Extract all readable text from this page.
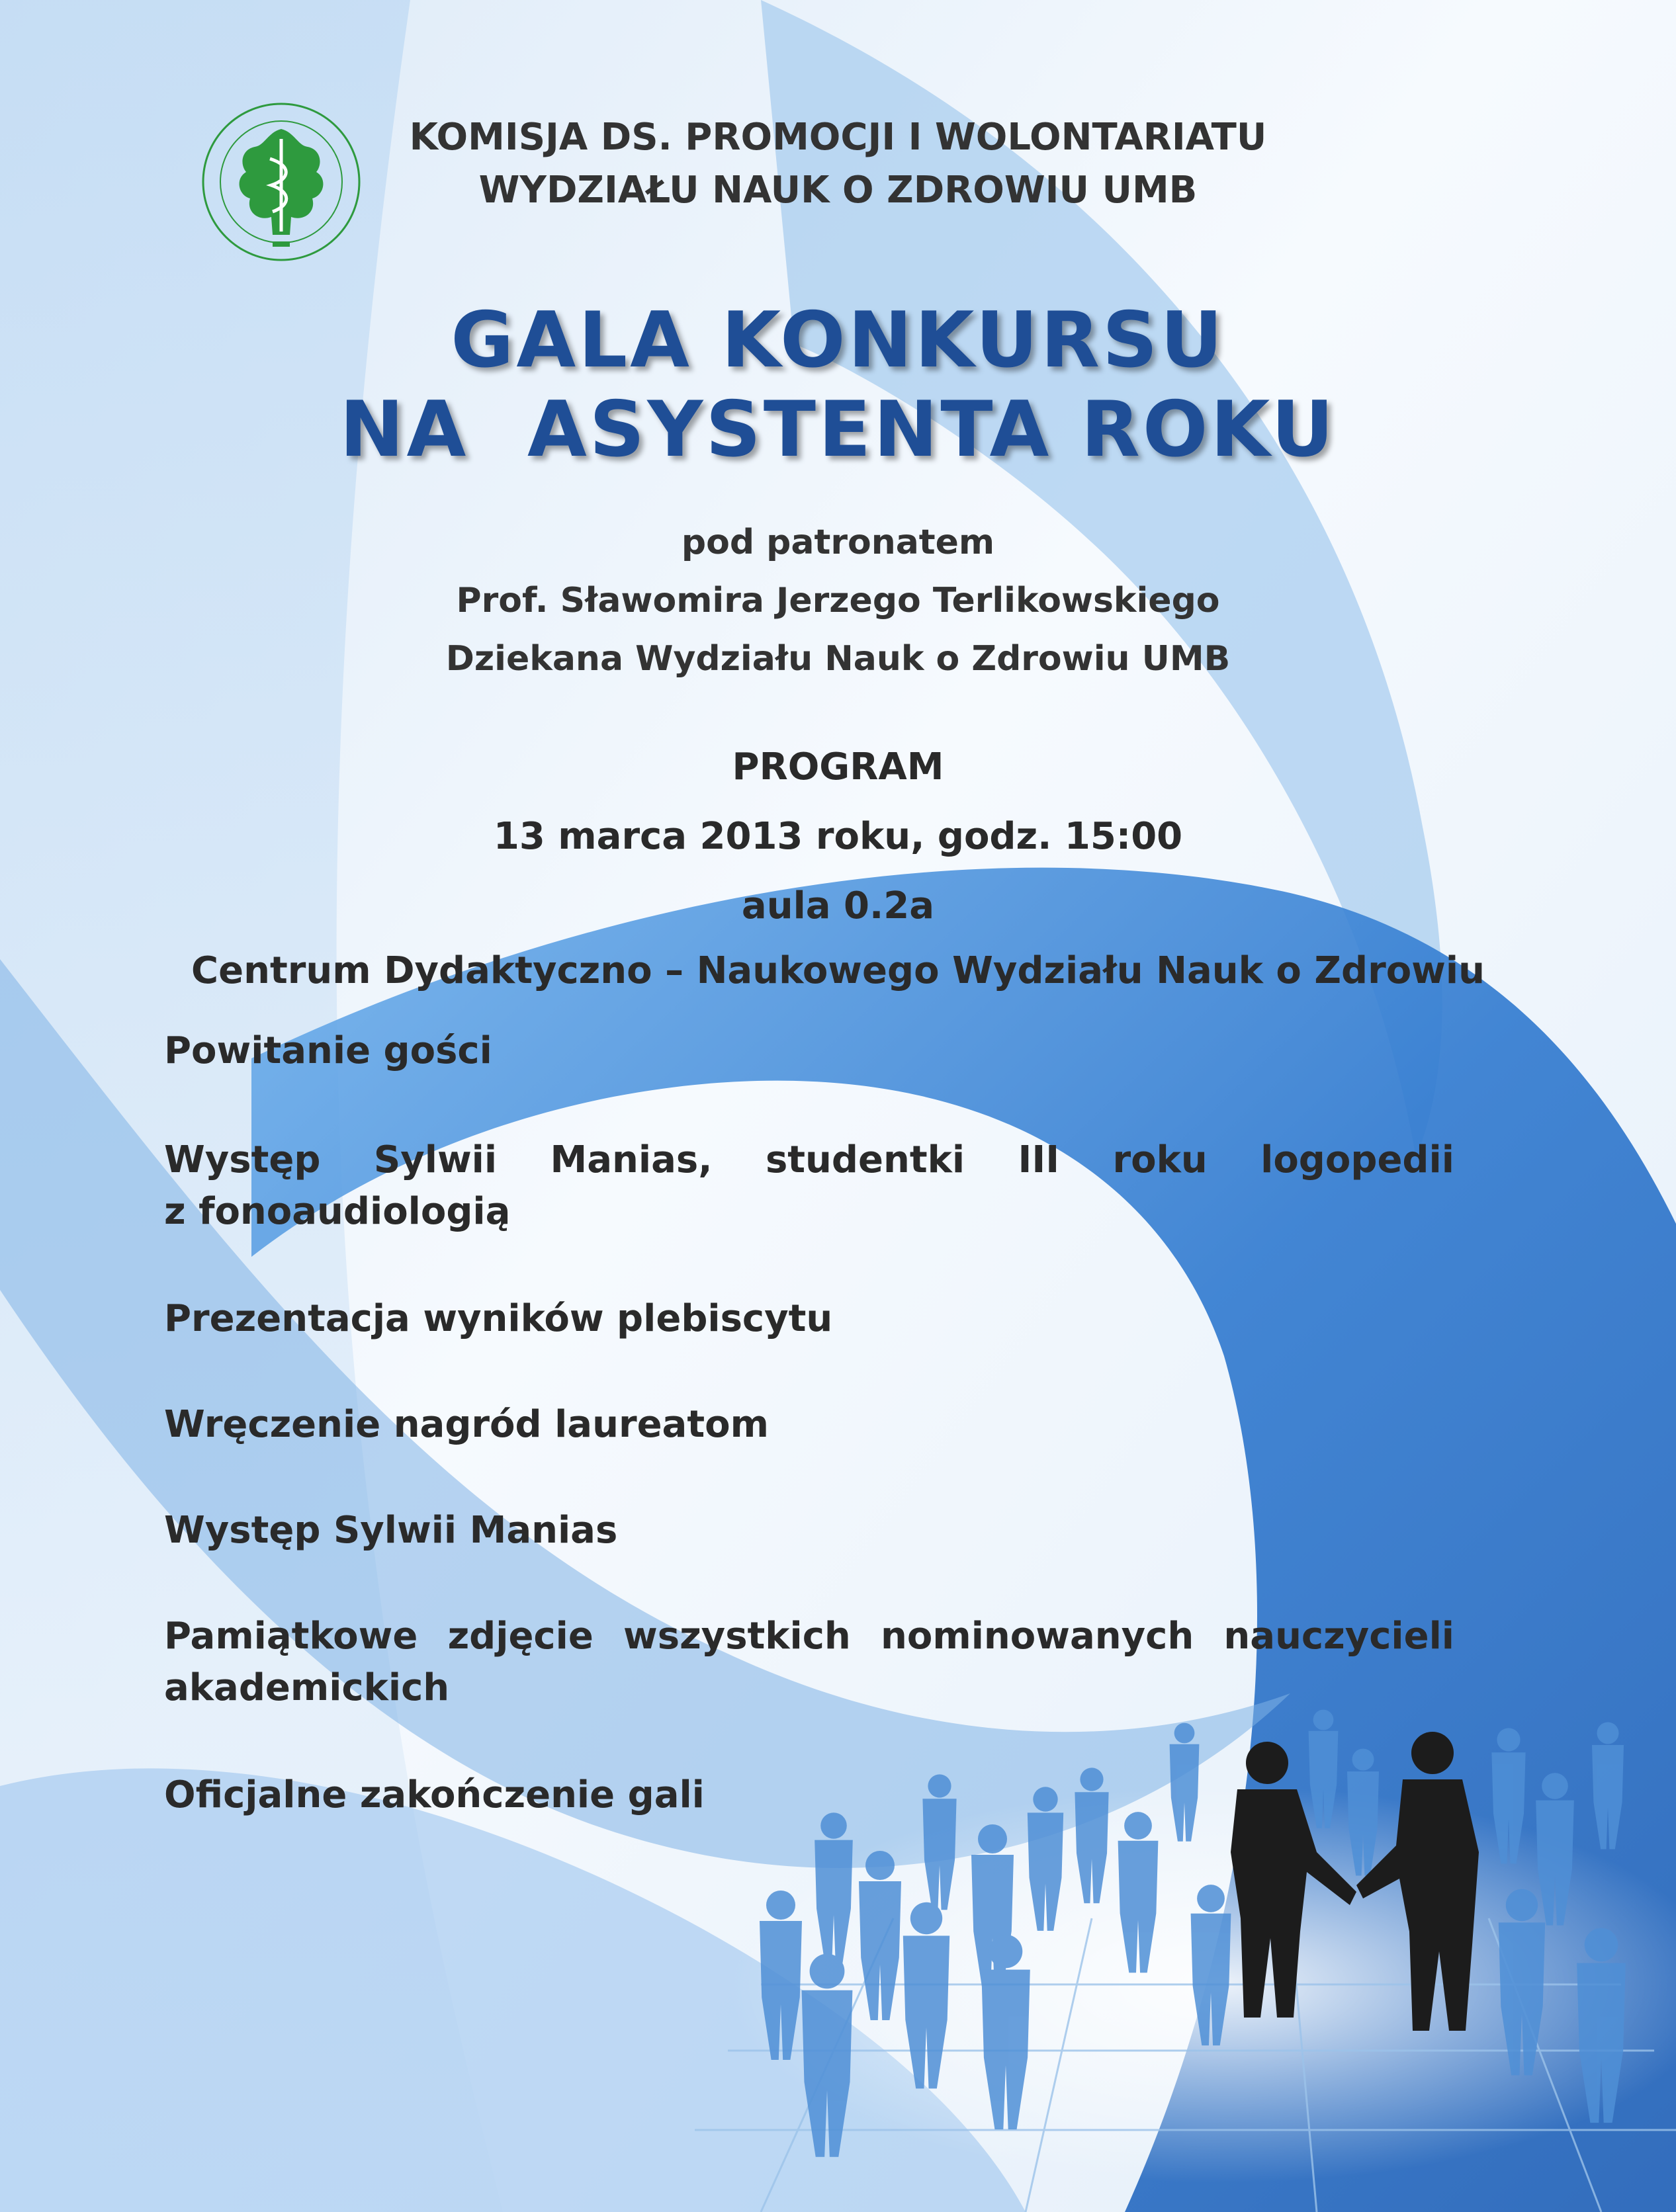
KOMISJA DS. PROMOCJI I WOLONTARIATU
WYDZIAŁU NAUK O ZDROWIU UMB
GALA KONKURSU
NA  ASYSTENTA ROKU
pod patronatem
Prof. Sławomira Jerzego Terlikowskiego
Dziekana Wydziału Nauk o Zdrowiu UMB
PROGRAM
13 marca 2013 roku, godz. 15:00
aula 0.2a
Centrum Dydaktyczno – Naukowego Wydziału Nauk o Zdrowiu
Powitanie gości
Występ Sylwii Manias, studentki III roku logopedii
z fonoaudiologią
Prezentacja wyników plebiscytu
Wręczenie nagród laureatom
Występ Sylwii Manias
Pamiątkowe zdjęcie wszystkich nominowanych nauczycieli akademickich
Oficjalne zakończenie gali
